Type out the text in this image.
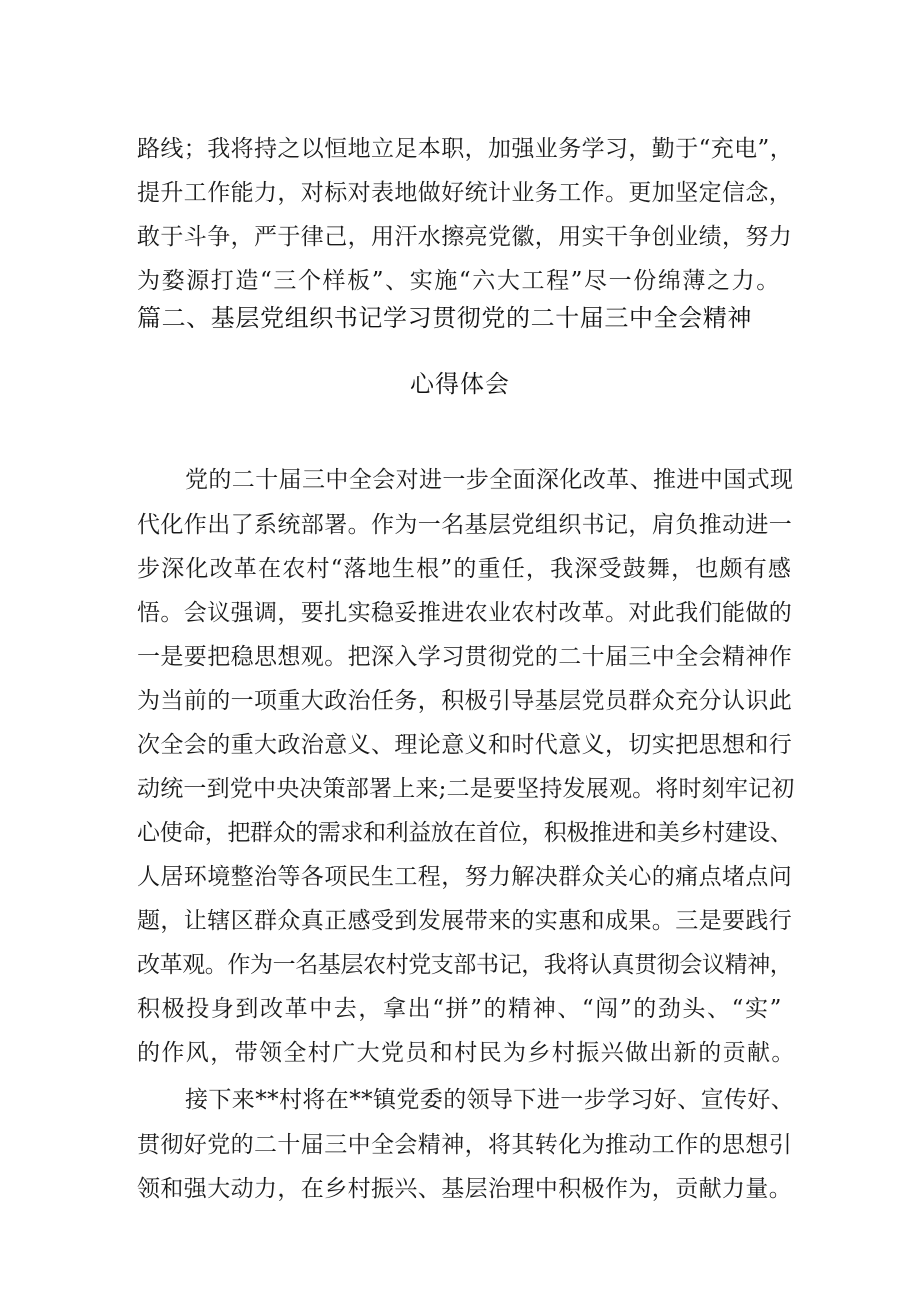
路线；我将持之以恒地立足本职，加强业务学习，勤于“充电”，
提升工作能力，对标对表地做好统计业务工作。更加坚定信念，
敢于斗争，严于律己，用汗水擦亮党徽，用实干争创业绩，努力
为婺源打造“三个样板”、实施“六大工程”尽一份绵薄之力。
篇二、基层党组织书记学习贯彻党的二十届三中全会精神
心得体会
党的二十届三中全会对进一步全面深化改革、推进中国式现
代化作出了系统部署。作为一名基层党组织书记，肩负推动进一
步深化改革在农村“落地生根”的重任，我深受鼓舞，也颇有感
悟。会议强调，要扎实稳妥推进农业农村改革。对此我们能做的
一是要把稳思想观。把深入学习贯彻党的二十届三中全会精神作
为当前的一项重大政治任务，积极引导基层党员群众充分认识此
次全会的重大政治意义、理论意义和时代意义，切实把思想和行
动统一到党中央决策部署上来;二是要坚持发展观。将时刻牢记初
心使命，把群众的需求和利益放在首位，积极推进和美乡村建设、
人居环境整治等各项民生工程，努力解决群众关心的痛点堵点问
题，让辖区群众真正感受到发展带来的实惠和成果。三是要践行
改革观。作为一名基层农村党支部书记，我将认真贯彻会议精神，
积极投身到改革中去，拿出“拼”的精神、“闯”的劲头、“实”
的作风，带领全村广大党员和村民为乡村振兴做出新的贡献。
接下来**村将在**镇党委的领导下进一步学习好、宣传好、
贯彻好党的二十届三中全会精神，将其转化为推动工作的思想引
领和强大动力，在乡村振兴、基层治理中积极作为，贡献力量。
